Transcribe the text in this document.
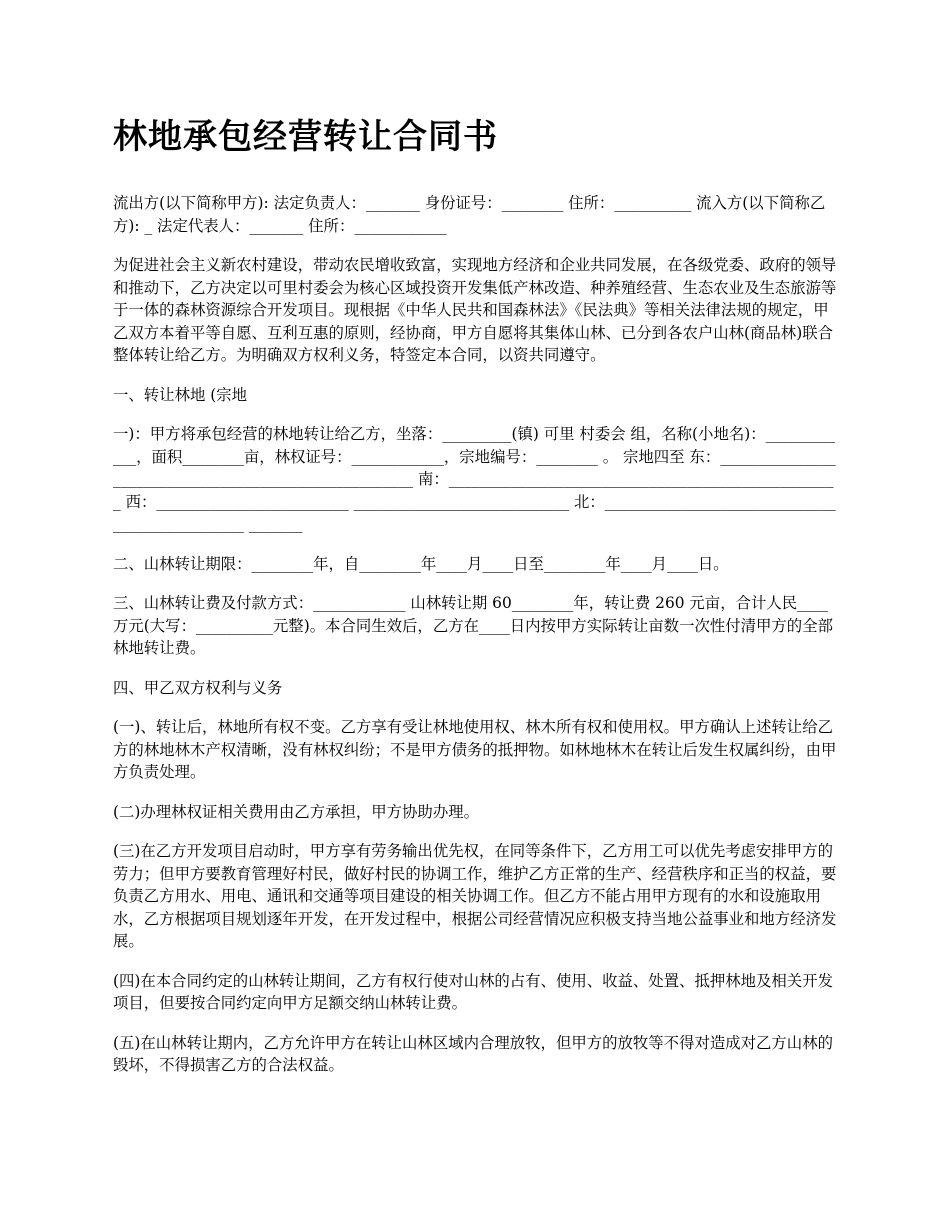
林地承包经营转让合同书

流出方(以下简称甲方): 法定负责人：_______ 身份证号：________ 住所：__________ 流入方(以下简称乙方): _ 法定代表人：_______ 住所：____________

为促进社会主义新农村建设，带动农民增收致富，实现地方经济和企业共同发展，在各级党委、政府的领导和推动下，乙方决定以可里村委会为核心区域投资开发集低产林改造、种养殖经营、生态农业及生态旅游等于一体的森林资源综合开发项目。现根据《中华人民共和国森林法》《民法典》等相关法律法规的规定，甲乙双方本着平等自愿、互利互惠的原则，经协商，甲方自愿将其集体山林、已分到各农户山林(商品林)联合整体转让给乙方。为明确双方权利义务，特签定本合同，以资共同遵守。

一、转让林地 (宗地

一)：甲方将承包经营的林地转让给乙方，坐落：_________(镇) 可里 村委会 组，名称(小地名)：____________，面积________亩，林权证号：____________，宗地编号：________ 。 宗地四至 东：______________________________________________________ 南：___________________________________________________ 西：_________________________ ____________________________ 北：_______________________________________________ _______

二、山林转让期限：________年，自________年____月____日至________年____月____日。

三、山林转让费及付款方式：____________ 山林转让期 60________年，转让费 260 元亩，合计人民____万元(大写：__________元整)。本合同生效后，乙方在____日内按甲方实际转让亩数一次性付清甲方的全部林地转让费。

四、甲乙双方权利与义务

(一)、转让后，林地所有权不变。乙方享有受让林地使用权、林木所有权和使用权。甲方确认上述转让给乙方的林地林木产权清晰，没有林权纠纷；不是甲方债务的抵押物。如林地林木在转让后发生权属纠纷，由甲方负责处理。

(二)办理林权证相关费用由乙方承担，甲方协助办理。

(三)在乙方开发项目启动时，甲方享有劳务输出优先权，在同等条件下，乙方用工可以优先考虑安排甲方的劳力；但甲方要教育管理好村民，做好村民的协调工作，维护乙方正常的生产、经营秩序和正当的权益，要负责乙方用水、用电、通讯和交通等项目建设的相关协调工作。但乙方不能占用甲方现有的水和设施取用水，乙方根据项目规划逐年开发，在开发过程中，根据公司经营情况应积极支持当地公益事业和地方经济发展。

(四)在本合同约定的山林转让期间，乙方有权行使对山林的占有、使用、收益、处置、抵押林地及相关开发项目，但要按合同约定向甲方足额交纳山林转让费。

(五)在山林转让期内，乙方允许甲方在转让山林区域内合理放牧，但甲方的放牧等不得对造成对乙方山林的毁坏，不得损害乙方的合法权益。
